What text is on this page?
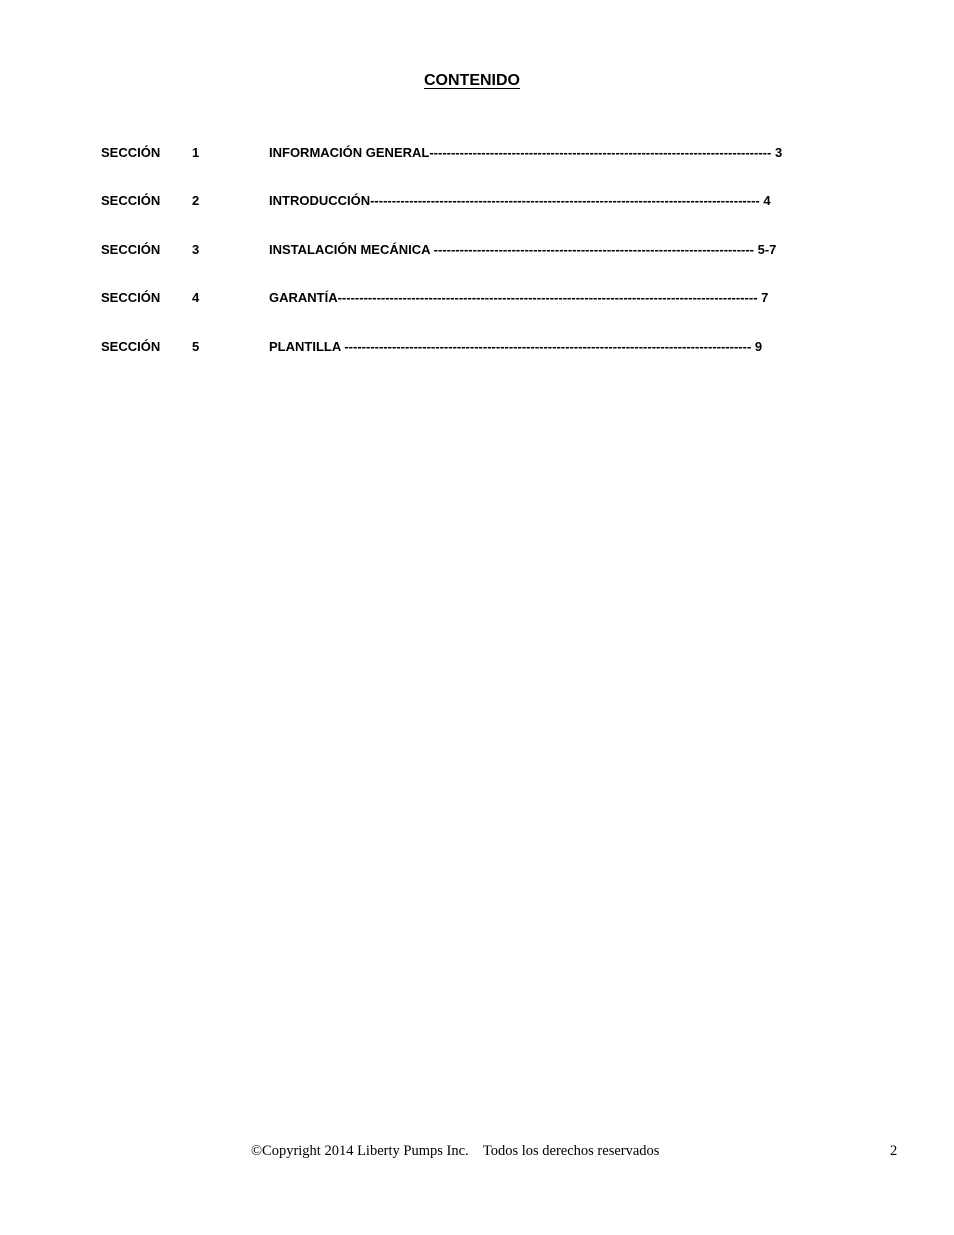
CONTENIDO
SECCIÓN 1	INFORMACIÓN GENERAL------------------------------------------------------------------------------- 3
SECCIÓN 2	INTRODUCCIÓN------------------------------------------------------------------------------------------ 4
SECCIÓN 3	INSTALACIÓN MECÁNICA -------------------------------------------------------------------------- 5-7
SECCIÓN 4	GARANTÍA------------------------------------------------------------------------------------------------- 7
SECCIÓN 5	PLANTILLA ---------------------------------------------------------------------------------------------- 9
©Copyright 2014 Liberty Pumps Inc.    Todos los derechos reservados	2
